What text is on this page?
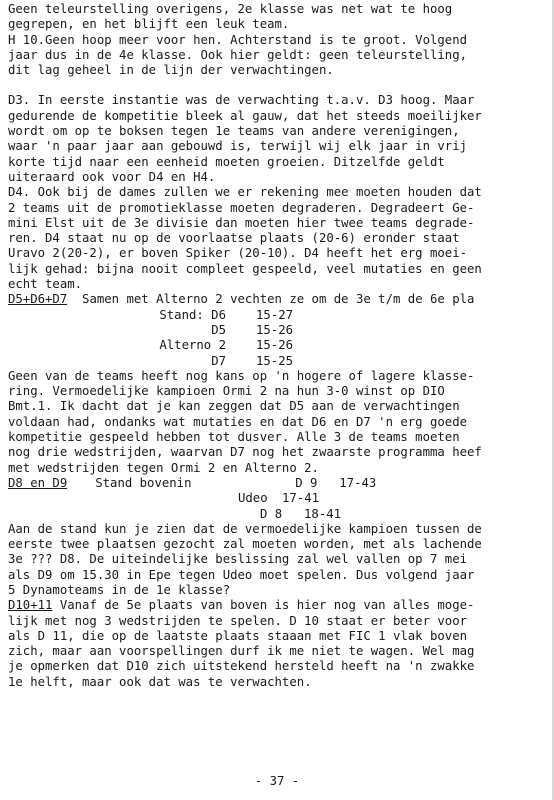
Geen teleurstelling overigens, 2e klasse was net wat te hoog
gegrepen, en het blijft een leuk team.
H 10.Geen hoop meer voor hen. Achterstand is te groot. Volgend
jaar dus in de 4e klasse. Ook hier geldt: geen teleurstelling,
dit lag geheel in de lijn der verwachtingen.
D3. In eerste instantie was de verwachting t.a.v. D3 hoog. Maar
gedurende de kompetitie bleek al gauw, dat het steeds moeilijker
wordt om op te boksen tegen 1e teams van andere verenigingen,
waar 'n paar jaar aan gebouwd is, terwijl wij elk jaar in vrij
korte tijd naar een eenheid moeten groeien. Ditzelfde geldt
uiteraard ook voor D4 en H4.
D4. Ook bij de dames zullen we er rekening mee moeten houden dat
2 teams uit de promotieklasse moeten degraderen. Degradeert Ge-
mini Elst uit de 3e divisie dan moeten hier twee teams degrade-
ren. D4 staat nu op de voorlaatse plaats (20-6) eronder staat
Uravo 2(20-2), er boven Spiker (20-10). D4 heeft het erg moei-
lijk gehad: bijna nooit compleet gespeeld, veel mutaties en geen
echt team.
D5+D6+D7  Samen met Alterno 2 vechten ze om de 3e t/m de 6e pla
Stand: D6	15-27
D5	15-26
Alterno 2	15-26
D7	15-25
Geen van de teams heeft nog kans op 'n hogere of lagere klasse-
ring. Vermoedelijke kampioen Ormi 2 na hun 3-0 winst op DIO
Bmt.1. Ik dacht dat je kan zeggen dat D5 aan de verwachtingen
voldaan had, ondanks wat mutaties en dat D6 en D7 'n erg goede
kompetitie gespeeld hebben tot dusver. Alle 3 de teams moeten
nog drie wedstrijden, waarvan D7 nog het zwaarste programma heef
met wedstrijden tegen Ormi 2 en Alterno 2.
D8 en D9 Stand bovenin	D 9	17-43
Udeo	17-41
D 8	18-41
Aan de stand kun je zien dat de vermoedelijke kampioen tussen de
eerste twee plaatsen gezocht zal moeten worden, met als lachende
3e ??? D8. De uiteindelijke beslissing zal wel vallen op 7 mei
als D9 om 15.30 in Epe tegen Udeo moet spelen. Dus volgend jaar
5 Dynamoteams in de 1e klasse?
D10+11 Vanaf de 5e plaats van boven is hier nog van alles moge-
lijk met nog 3 wedstrijden te spelen. D 10 staat er beter voor
als D 11, die op de laatste plaats staaan met FIC 1 vlak boven
zich, maar aan voorspellingen durf ik me niet te wagen. Wel mag
je opmerken dat D10 zich uitstekend hersteld heeft na 'n zwakke
1e helft, maar ook dat was te verwachten.
- 37 -
